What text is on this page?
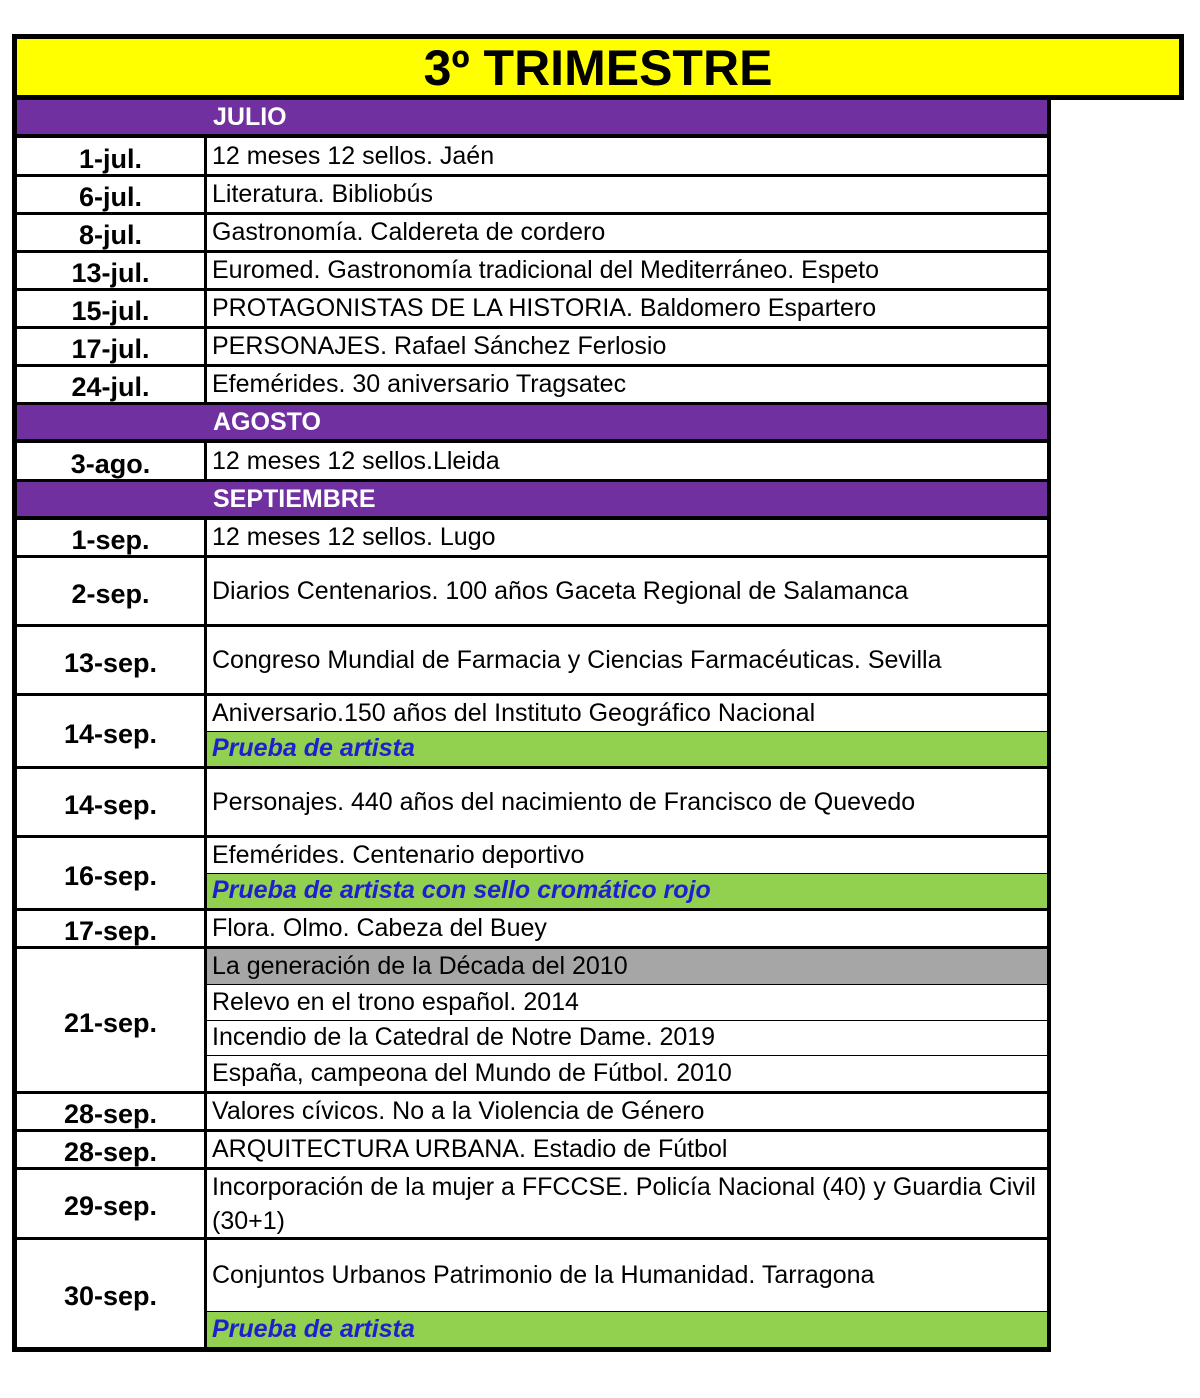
3º TRIMESTRE
JULIO
1-jul.	12 meses 12 sellos. Jaén
6-jul.	Literatura. Bibliobús
8-jul.	Gastronomía. Caldereta de cordero
13-jul. Euromed. Gastronomía tradicional del Mediterráneo. Espeto
15-jul. PROTAGONISTAS DE LA HISTORIA. Baldomero Espartero
17-jul. PERSONAJES. Rafael Sánchez Ferlosio
24-jul. Efemérides. 30 aniversario Tragsatec
AGOSTO
3-ago. 12 meses 12 sellos.Lleida
SEPTIEMBRE
1-sep. 12 meses 12 sellos. Lugo
2-sep. Diarios Centenarios. 100 años Gaceta Regional de Salamanca
13-sep. Congreso Mundial de Farmacia y Ciencias Farmacéuticas. Sevilla
14-sep.
Aniversario.150 años del Instituto Geográfico Nacional
Prueba de artista
14-sep. Personajes. 440 años del nacimiento de Francisco de Quevedo
16-sep.
Efemérides. Centenario deportivo
Prueba de artista con sello cromático rojo
17-sep. Flora. Olmo. Cabeza del Buey
21-sep.
La generación de la Década del 2010
Relevo en el trono español. 2014
Incendio de la Catedral de Notre Dame. 2019
España, campeona del Mundo de Fútbol. 2010
28-sep. Valores cívicos. No a la Violencia de Género
28-sep. ARQUITECTURA URBANA. Estadio de Fútbol
29-sep.
Incorporación de la mujer a FFCCSE. Policía Nacional (40) y Guardia Civil (30+1)
30-sep.
Conjuntos Urbanos Patrimonio de la Humanidad. Tarragona
Prueba de artista
